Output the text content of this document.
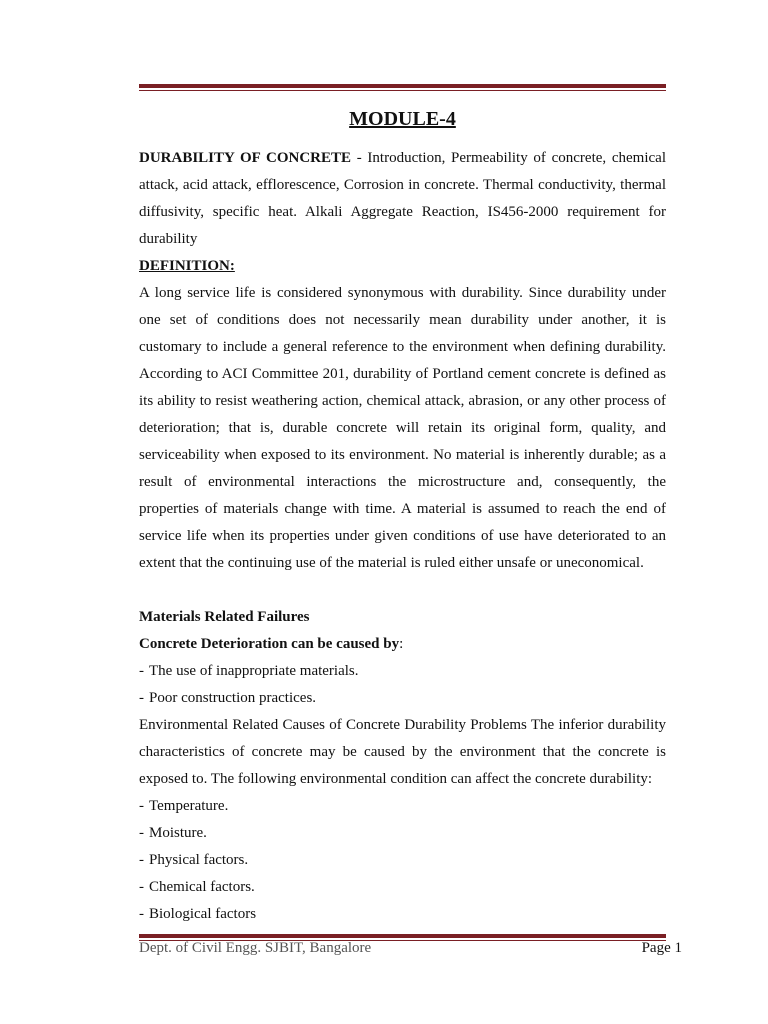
MODULE-4

DURABILITY OF CONCRETE - Introduction, Permeability of concrete, chemical attack, acid attack, efflorescence, Corrosion in concrete. Thermal conductivity, thermal diffusivity, specific heat. Alkali Aggregate Reaction, IS456-2000 requirement for durability

DEFINITION:

A long service life is considered synonymous with durability. Since durability under one set of conditions does not necessarily mean durability under another, it is customary to include a general reference to the environment when defining durability. According to ACI Committee 201, durability of Portland cement concrete is defined as its ability to resist weathering action, chemical attack, abrasion, or any other process of deterioration; that is, durable concrete will retain its original form, quality, and serviceability when exposed to its environment. No material is inherently durable; as a result of environmental interactions the microstructure and, consequently, the properties of materials change with time. A material is assumed to reach the end of service life when its properties under given conditions of use have deteriorated to an extent that the continuing use of the material is ruled either unsafe or uneconomical.

Materials Related Failures

Concrete Deterioration can be caused by:

- The use of inappropriate materials.
- Poor construction practices.

Environmental Related Causes of Concrete Durability Problems The inferior durability characteristics of concrete may be caused by the environment that the concrete is exposed to. The following environmental condition can affect the concrete durability:

- Temperature.
- Moisture.
- Physical factors.
- Chemical factors.
- Biological factors
Dept. of Civil Engg. SJBIT, Bangalore	Page 1
